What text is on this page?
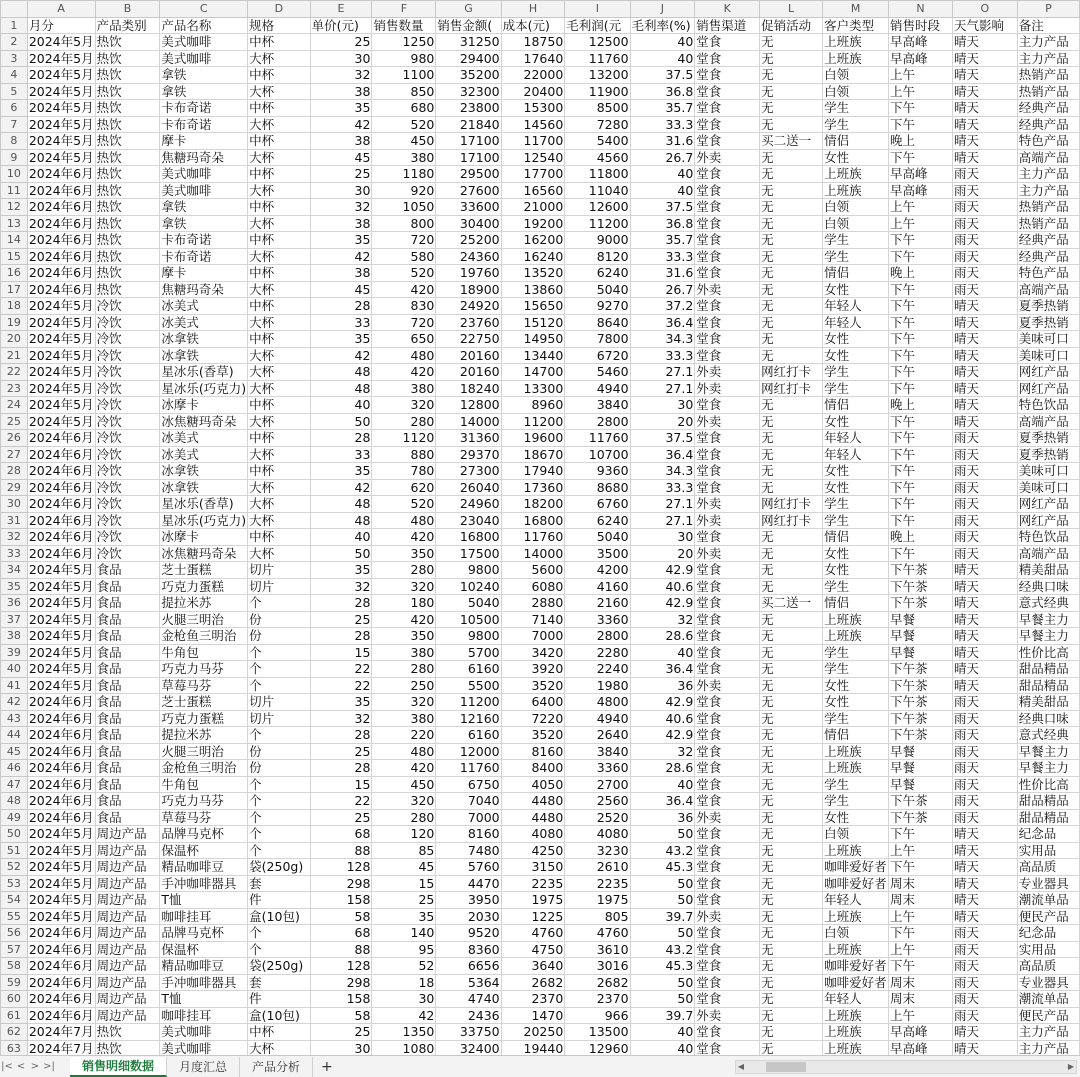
	A	B	C	D	E	F	G	H	I	J	K	L	M	N	O	P
1	月分	产品类别	产品名称	规格	单价(元)	销售数量	销售金额(	成本(元)	毛利润(元	毛利率(%)	销售渠道	促销活动	客户类型	销售时段	天气影响	备注
2	2024年5月	热饮	美式咖啡	中杯	25	1250	31250	18750	12500	40	堂食	无	上班族	早高峰	晴天	主力产品
3	2024年5月	热饮	美式咖啡	大杯	30	980	29400	17640	11760	40	堂食	无	上班族	早高峰	晴天	主力产品
4	2024年5月	热饮	拿铁	中杯	32	1100	35200	22000	13200	37.5	堂食	无	白领	上午	晴天	热销产品
5	2024年5月	热饮	拿铁	大杯	38	850	32300	20400	11900	36.8	堂食	无	白领	上午	晴天	热销产品
6	2024年5月	热饮	卡布奇诺	中杯	35	680	23800	15300	8500	35.7	堂食	无	学生	下午	晴天	经典产品
7	2024年5月	热饮	卡布奇诺	大杯	42	520	21840	14560	7280	33.3	堂食	无	学生	下午	晴天	经典产品
8	2024年5月	热饮	摩卡	中杯	38	450	17100	11700	5400	31.6	堂食	买二送一	情侣	晚上	晴天	特色产品
9	2024年5月	热饮	焦糖玛奇朵	大杯	45	380	17100	12540	4560	26.7	外卖	无	女性	下午	晴天	高端产品
10	2024年6月	热饮	美式咖啡	中杯	25	1180	29500	17700	11800	40	堂食	无	上班族	早高峰	雨天	主力产品
11	2024年6月	热饮	美式咖啡	大杯	30	920	27600	16560	11040	40	堂食	无	上班族	早高峰	雨天	主力产品
12	2024年6月	热饮	拿铁	中杯	32	1050	33600	21000	12600	37.5	堂食	无	白领	上午	雨天	热销产品
13	2024年6月	热饮	拿铁	大杯	38	800	30400	19200	11200	36.8	堂食	无	白领	上午	雨天	热销产品
14	2024年6月	热饮	卡布奇诺	中杯	35	720	25200	16200	9000	35.7	堂食	无	学生	下午	雨天	经典产品
15	2024年6月	热饮	卡布奇诺	大杯	42	580	24360	16240	8120	33.3	堂食	无	学生	下午	雨天	经典产品
16	2024年6月	热饮	摩卡	中杯	38	520	19760	13520	6240	31.6	堂食	无	情侣	晚上	雨天	特色产品
17	2024年6月	热饮	焦糖玛奇朵	大杯	45	420	18900	13860	5040	26.7	外卖	无	女性	下午	雨天	高端产品
18	2024年5月	冷饮	冰美式	中杯	28	830	24920	15650	9270	37.2	堂食	无	年轻人	下午	晴天	夏季热销
19	2024年5月	冷饮	冰美式	大杯	33	720	23760	15120	8640	36.4	堂食	无	年轻人	下午	晴天	夏季热销
20	2024年5月	冷饮	冰拿铁	中杯	35	650	22750	14950	7800	34.3	堂食	无	女性	下午	晴天	美味可口
21	2024年5月	冷饮	冰拿铁	大杯	42	480	20160	13440	6720	33.3	堂食	无	女性	下午	晴天	美味可口
22	2024年5月	冷饮	星冰乐(香草)	大杯	48	420	20160	14700	5460	27.1	外卖	网红打卡	学生	下午	晴天	网红产品
23	2024年5月	冷饮	星冰乐(巧克力)	大杯	48	380	18240	13300	4940	27.1	外卖	网红打卡	学生	下午	晴天	网红产品
24	2024年5月	冷饮	冰摩卡	中杯	40	320	12800	8960	3840	30	堂食	无	情侣	晚上	晴天	特色饮品
25	2024年5月	冷饮	冰焦糖玛奇朵	大杯	50	280	14000	11200	2800	20	外卖	无	女性	下午	晴天	高端产品
26	2024年6月	冷饮	冰美式	中杯	28	1120	31360	19600	11760	37.5	堂食	无	年轻人	下午	雨天	夏季热销
27	2024年6月	冷饮	冰美式	大杯	33	880	29370	18670	10700	36.4	堂食	无	年轻人	下午	雨天	夏季热销
28	2024年6月	冷饮	冰拿铁	中杯	35	780	27300	17940	9360	34.3	堂食	无	女性	下午	雨天	美味可口
29	2024年6月	冷饮	冰拿铁	大杯	42	620	26040	17360	8680	33.3	堂食	无	女性	下午	雨天	美味可口
30	2024年6月	冷饮	星冰乐(香草)	大杯	48	520	24960	18200	6760	27.1	外卖	网红打卡	学生	下午	雨天	网红产品
31	2024年6月	冷饮	星冰乐(巧克力)	大杯	48	480	23040	16800	6240	27.1	外卖	网红打卡	学生	下午	雨天	网红产品
32	2024年6月	冷饮	冰摩卡	中杯	40	420	16800	11760	5040	30	堂食	无	情侣	晚上	雨天	特色饮品
33	2024年6月	冷饮	冰焦糖玛奇朵	大杯	50	350	17500	14000	3500	20	外卖	无	女性	下午	雨天	高端产品
34	2024年5月	食品	芝士蛋糕	切片	35	280	9800	5600	4200	42.9	堂食	无	女性	下午茶	晴天	精美甜品
35	2024年5月	食品	巧克力蛋糕	切片	32	320	10240	6080	4160	40.6	堂食	无	学生	下午茶	晴天	经典口味
36	2024年5月	食品	提拉米苏	个	28	180	5040	2880	2160	42.9	堂食	买二送一	情侣	下午茶	晴天	意式经典
37	2024年5月	食品	火腿三明治	份	25	420	10500	7140	3360	32	堂食	无	上班族	早餐	晴天	早餐主力
38	2024年5月	食品	金枪鱼三明治	份	28	350	9800	7000	2800	28.6	堂食	无	上班族	早餐	晴天	早餐主力
39	2024年5月	食品	牛角包	个	15	380	5700	3420	2280	40	堂食	无	学生	早餐	晴天	性价比高
40	2024年5月	食品	巧克力马芬	个	22	280	6160	3920	2240	36.4	堂食	无	学生	下午茶	晴天	甜品精品
41	2024年5月	食品	草莓马芬	个	22	250	5500	3520	1980	36	外卖	无	女性	下午茶	晴天	甜品精品
42	2024年6月	食品	芝士蛋糕	切片	35	320	11200	6400	4800	42.9	堂食	无	女性	下午茶	雨天	精美甜品
43	2024年6月	食品	巧克力蛋糕	切片	32	380	12160	7220	4940	40.6	堂食	无	学生	下午茶	雨天	经典口味
44	2024年6月	食品	提拉米苏	个	28	220	6160	3520	2640	42.9	堂食	无	情侣	下午茶	雨天	意式经典
45	2024年6月	食品	火腿三明治	份	25	480	12000	8160	3840	32	堂食	无	上班族	早餐	雨天	早餐主力
46	2024年6月	食品	金枪鱼三明治	份	28	420	11760	8400	3360	28.6	堂食	无	上班族	早餐	雨天	早餐主力
47	2024年6月	食品	牛角包	个	15	450	6750	4050	2700	40	堂食	无	学生	早餐	雨天	性价比高
48	2024年6月	食品	巧克力马芬	个	22	320	7040	4480	2560	36.4	堂食	无	学生	下午茶	雨天	甜品精品
49	2024年6月	食品	草莓马芬	个	25	280	7000	4480	2520	36	外卖	无	女性	下午茶	雨天	甜品精品
50	2024年5月	周边产品	品牌马克杯	个	68	120	8160	4080	4080	50	堂食	无	白领	下午	晴天	纪念品
51	2024年5月	周边产品	保温杯	个	88	85	7480	4250	3230	43.2	堂食	无	上班族	上午	晴天	实用品
52	2024年5月	周边产品	精品咖啡豆	袋(250g)	128	45	5760	3150	2610	45.3	堂食	无	咖啡爱好者	下午	晴天	高品质
53	2024年5月	周边产品	手冲咖啡器具	套	298	15	4470	2235	2235	50	堂食	无	咖啡爱好者	周末	晴天	专业器具
54	2024年5月	周边产品	T恤	件	158	25	3950	1975	1975	50	堂食	无	年轻人	周末	晴天	潮流单品
55	2024年5月	周边产品	咖啡挂耳	盒(10包)	58	35	2030	1225	805	39.7	外卖	无	上班族	上午	晴天	便民产品
56	2024年6月	周边产品	品牌马克杯	个	68	140	9520	4760	4760	50	堂食	无	白领	下午	雨天	纪念品
57	2024年6月	周边产品	保温杯	个	88	95	8360	4750	3610	43.2	堂食	无	上班族	上午	雨天	实用品
58	2024年6月	周边产品	精品咖啡豆	袋(250g)	128	52	6656	3640	3016	45.3	堂食	无	咖啡爱好者	下午	雨天	高品质
59	2024年6月	周边产品	手冲咖啡器具	套	298	18	5364	2682	2682	50	堂食	无	咖啡爱好者	周末	雨天	专业器具
60	2024年6月	周边产品	T恤	件	158	30	4740	2370	2370	50	堂食	无	年轻人	周末	雨天	潮流单品
61	2024年6月	周边产品	咖啡挂耳	盒(10包)	58	42	2436	1470	966	39.7	外卖	无	上班族	上午	雨天	便民产品
62	2024年7月	热饮	美式咖啡	中杯	25	1350	33750	20250	13500	40	堂食	无	上班族	早高峰	晴天	主力产品
63	2024年7月	热饮	美式咖啡	大杯	30	1080	32400	19440	12960	40	堂食	无	上班族	早高峰	晴天	主力产品
|< < > >|	销售明细数据	月度汇总	产品分析	+	◀	▶
